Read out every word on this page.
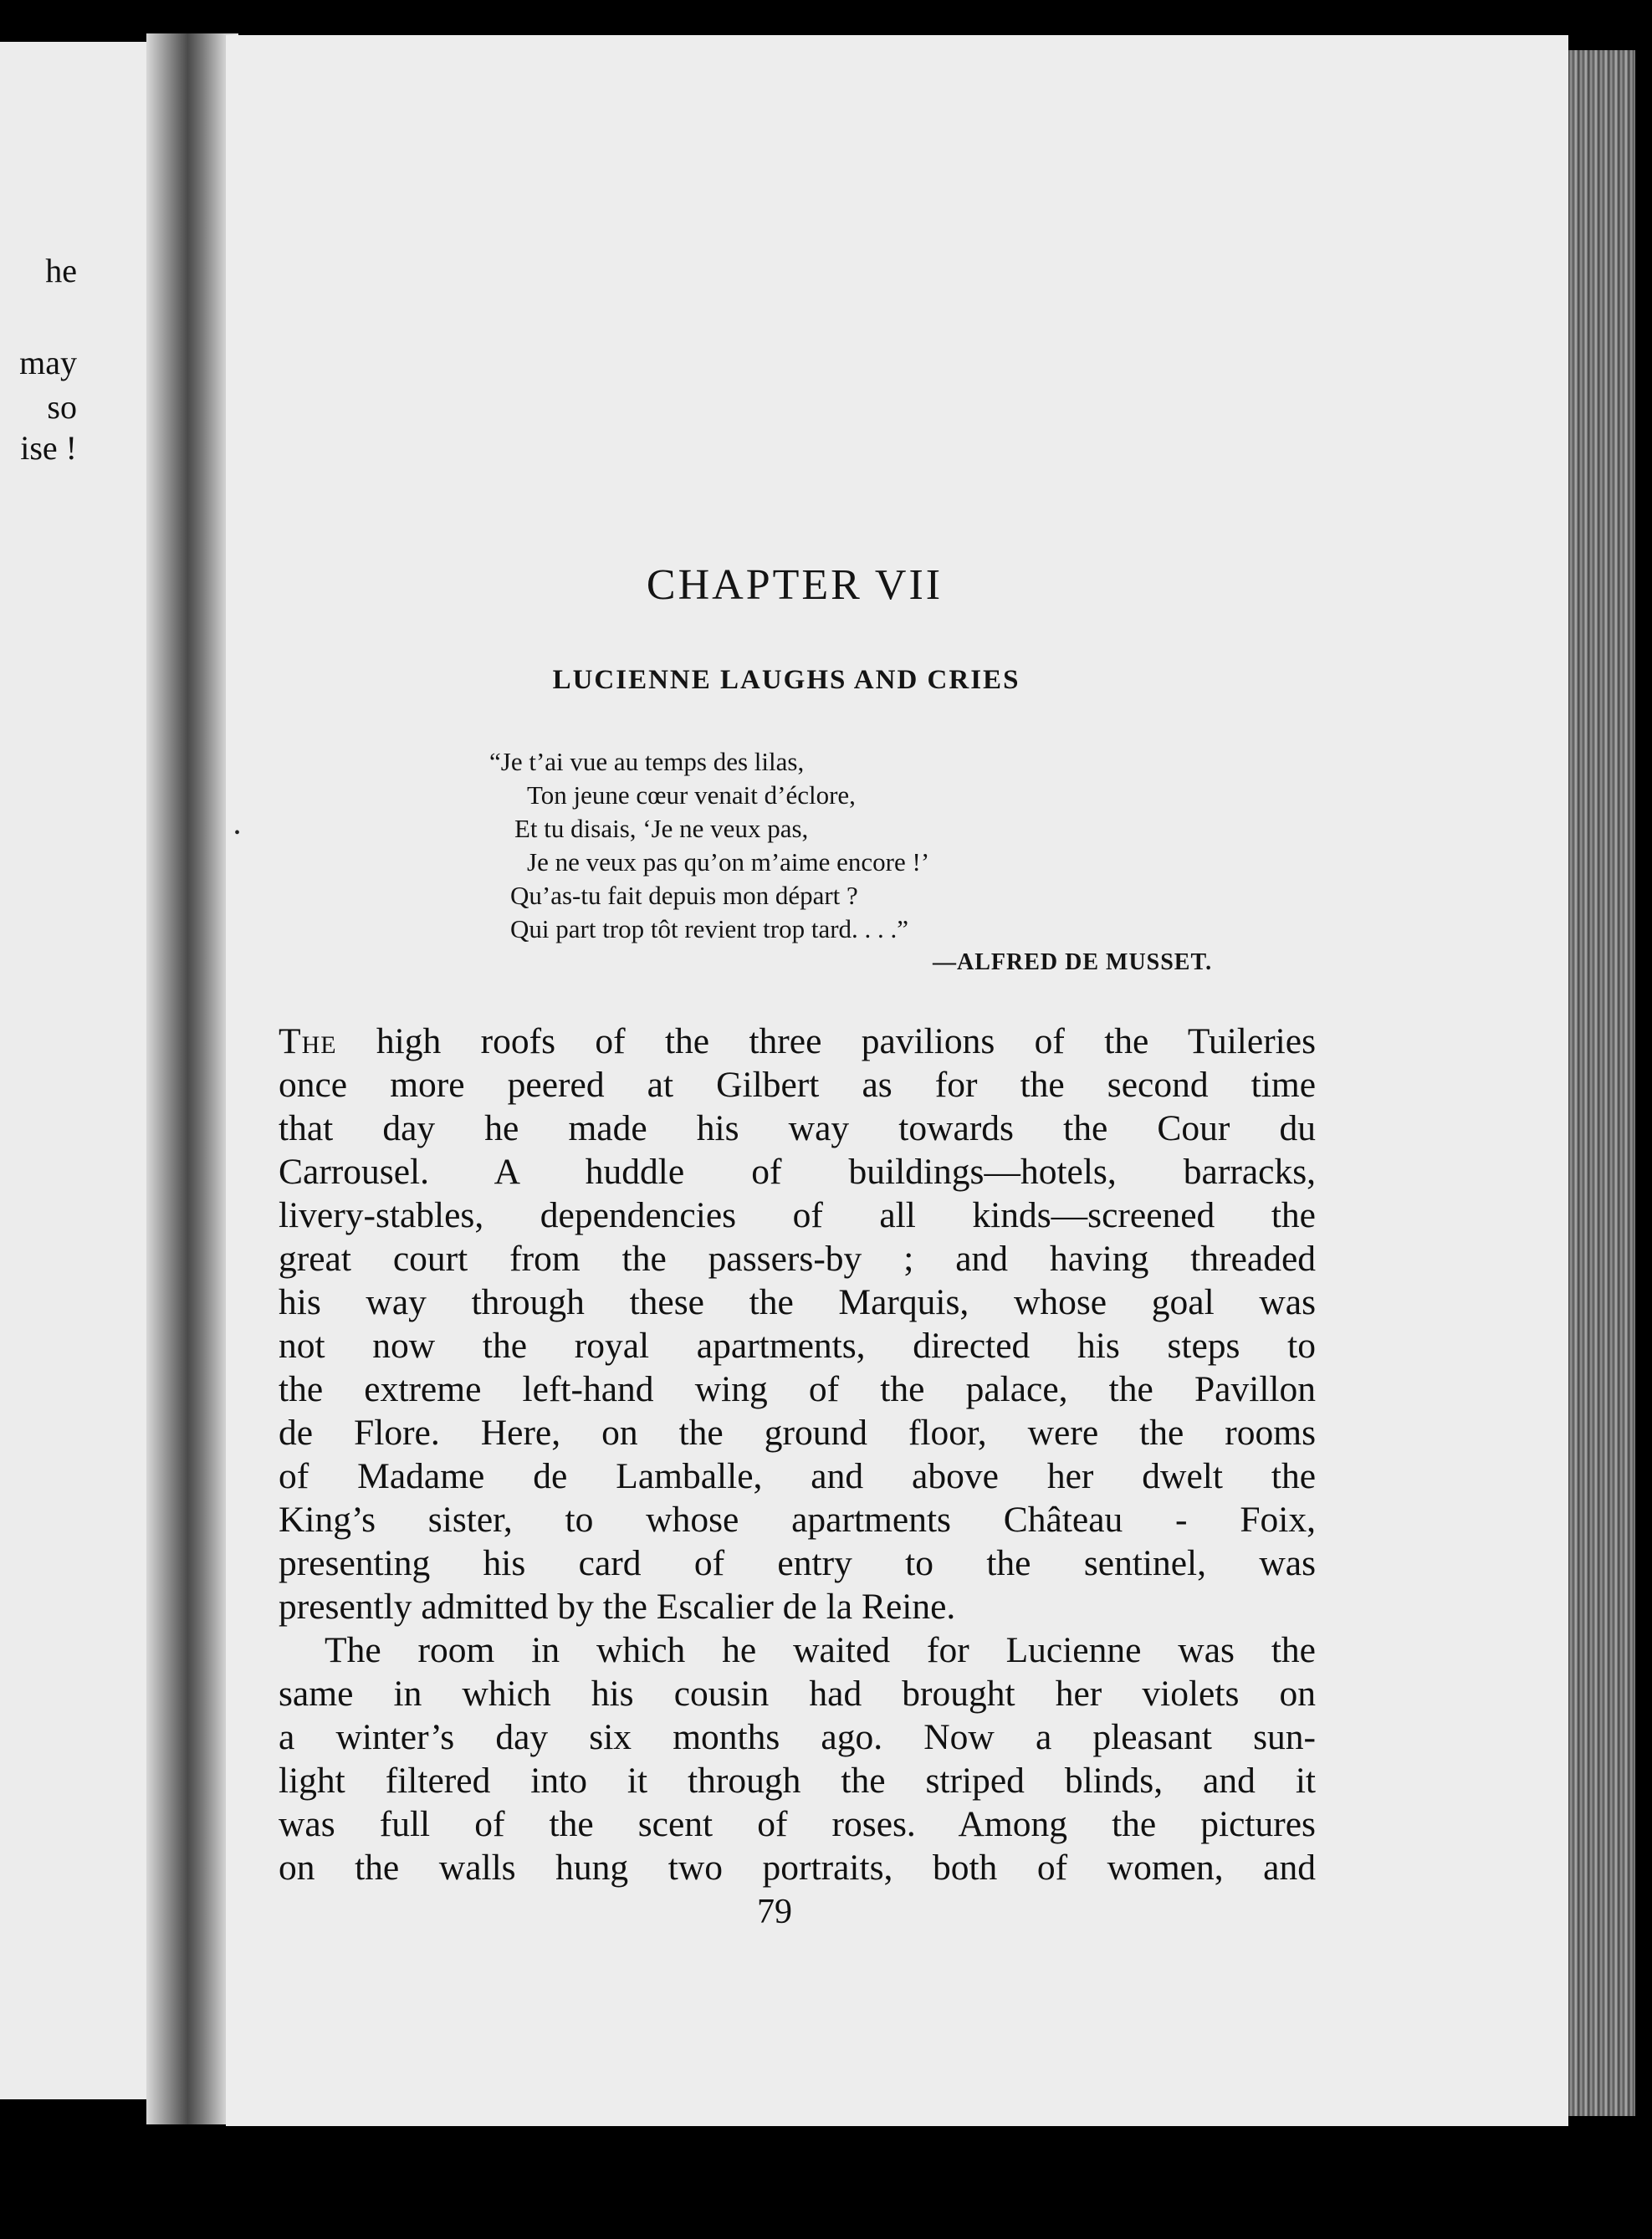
he
may
so
ise !
•
CHAPTER VII
LUCIENNE LAUGHS AND CRIES
“Je t’ai vue au temps des lilas,
Ton jeune cœur venait d’éclore,
Et tu disais, ‘Je ne veux pas,
Je ne veux pas qu’on m’aime encore !’
Qu’as-tu fait depuis mon départ ?
Qui part trop tôt revient trop tard. . . .”
—ALFRED DE MUSSET.
The high roofs of the three pavilions of the Tuileries
once more peered at Gilbert as for the second time
that day he made his way towards the Cour du
Carrousel. A huddle of buildings—hotels, barracks,
livery-stables, dependencies of all kinds—screened the
great court from the passers-by ; and having threaded
his way through these the Marquis, whose goal was
not now the royal apartments, directed his steps to
the extreme left-hand wing of the palace, the Pavillon
de Flore. Here, on the ground floor, were the rooms
of Madame de Lamballe, and above her dwelt the
King’s sister, to whose apartments Château - Foix,
presenting his card of entry to the sentinel, was
presently admitted by the Escalier de la Reine.
The room in which he waited for Lucienne was the
same in which his cousin had brought her violets on
a winter’s day six months ago. Now a pleasant sun-
light filtered into it through the striped blinds, and it
was full of the scent of roses. Among the pictures
on the walls hung two portraits, both of women, and
79
